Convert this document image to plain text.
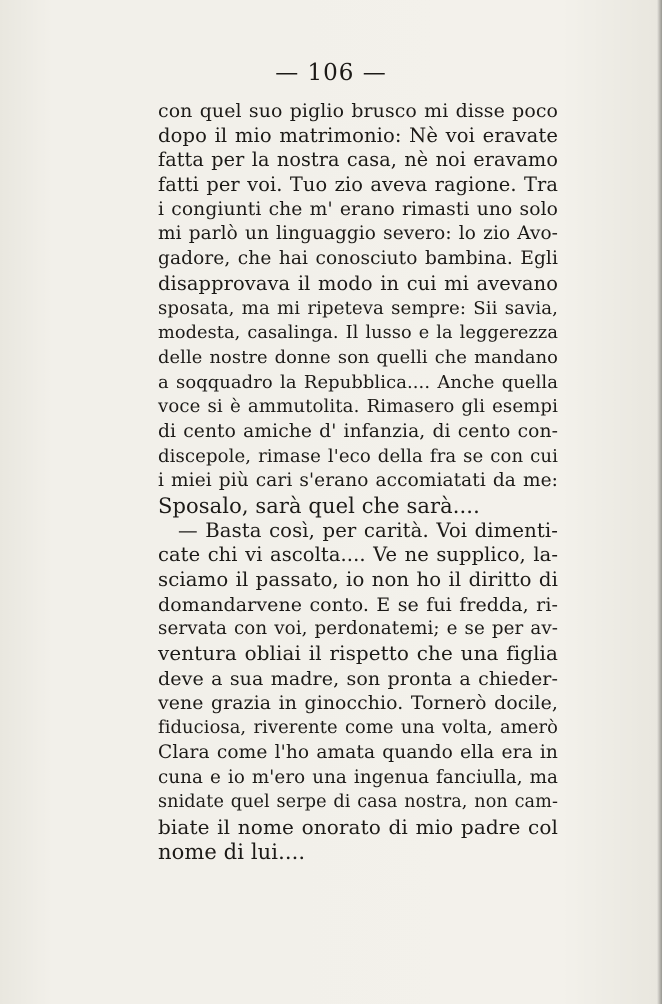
— 106 —
con quel suo piglio brusco mi disse poco
dopo il mio matrimonio: Nè voi eravate
fatta per la nostra casa, nè noi eravamo
fatti per voi. Tuo zio aveva ragione. Tra
i congiunti che m' erano rimasti uno solo
mi parlò un linguaggio severo: lo zio Avo-
gadore, che hai conosciuto bambina. Egli
disapprovava il modo in cui mi avevano
sposata, ma mi ripeteva sempre: Sii savia,
modesta, casalinga. Il lusso e la leggerezza
delle nostre donne son quelli che mandano
a soqquadro la Repubblica.... Anche quella
voce si è ammutolita. Rimasero gli esempi
di cento amiche d' infanzia, di cento con-
discepole, rimase l'eco della fra se con cui
i miei più cari s'erano accomiatati da me:
Sposalo, sarà quel che sarà....
— Basta così, per carità. Voi dimenti-
cate chi vi ascolta.... Ve ne supplico, la-
sciamo il passato, io non ho il diritto di
domandarvene conto. E se fui fredda, ri-
servata con voi, perdonatemi; e se per av-
ventura obliai il rispetto che una figlia
deve a sua madre, son pronta a chieder-
vene grazia in ginocchio. Tornerò docile,
fiduciosa, riverente come una volta, amerò
Clara come l'ho amata quando ella era in
cuna e io m'ero una ingenua fanciulla, ma
snidate quel serpe di casa nostra, non cam-
biate il nome onorato di mio padre col
nome di lui....
